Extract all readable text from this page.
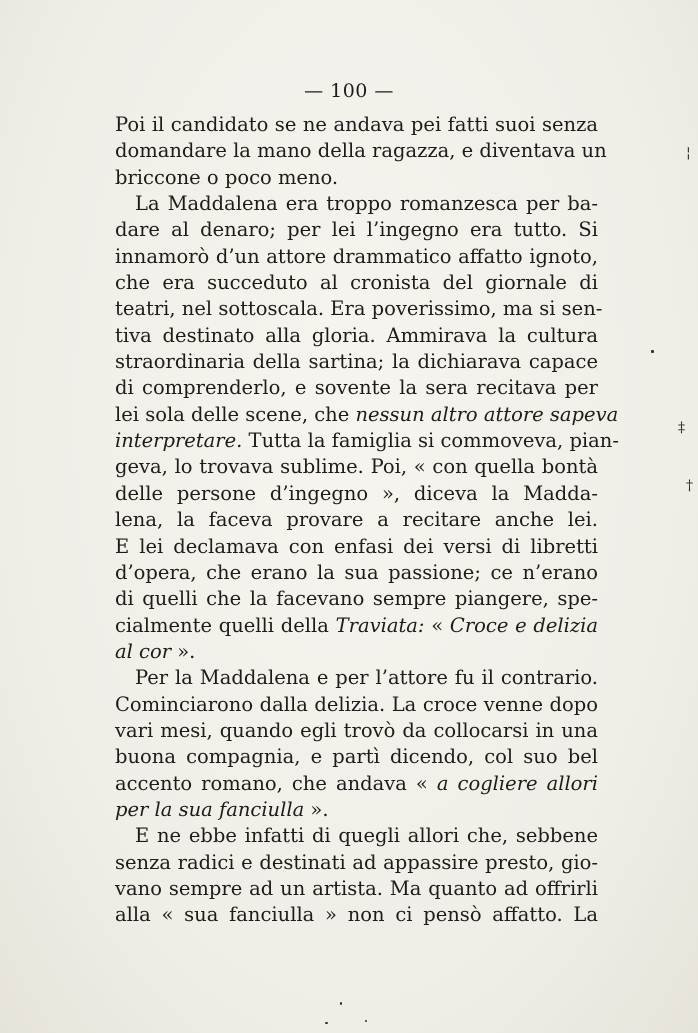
— 100 —
Poi il candidato se ne andava pei fatti suoi senza
domandare la mano della ragazza, e diventava un
briccone o poco meno.
La Maddalena era troppo romanzesca per ba-
dare al denaro; per lei l’ingegno era tutto. Si
innamorò d’un attore drammatico affatto ignoto,
che era succeduto al cronista del giornale di
teatri, nel sottoscala. Era poverissimo, ma si sen-
tiva destinato alla gloria. Ammirava la cultura
straordinaria della sartina; la dichiarava capace
di comprenderlo, e sovente la sera recitava per
lei sola delle scene, che nessun altro attore sapeva
interpretare. Tutta la famiglia si commoveva, pian-
geva, lo trovava sublime. Poi, « con quella bontà
delle persone d’ingegno », diceva la Madda-
lena, la faceva provare a recitare anche lei.
E lei declamava con enfasi dei versi di libretti
d’opera, che erano la sua passione; ce n’erano
di quelli che la facevano sempre piangere, spe-
cialmente quelli della Traviata: « Croce e delizia
al cor ».
Per la Maddalena e per l’attore fu il contrario.
Cominciarono dalla delizia. La croce venne dopo
vari mesi, quando egli trovò da collocarsi in una
buona compagnia, e partì dicendo, col suo bel
accento romano, che andava « a cogliere allori
per la sua fanciulla ».
E ne ebbe infatti di quegli allori che, sebbene
senza radici e destinati ad appassire presto, gio-
vano sempre ad un artista. Ma quanto ad offrirli
alla « sua fanciulla » non ci pensò affatto. La
¦
‡
†
